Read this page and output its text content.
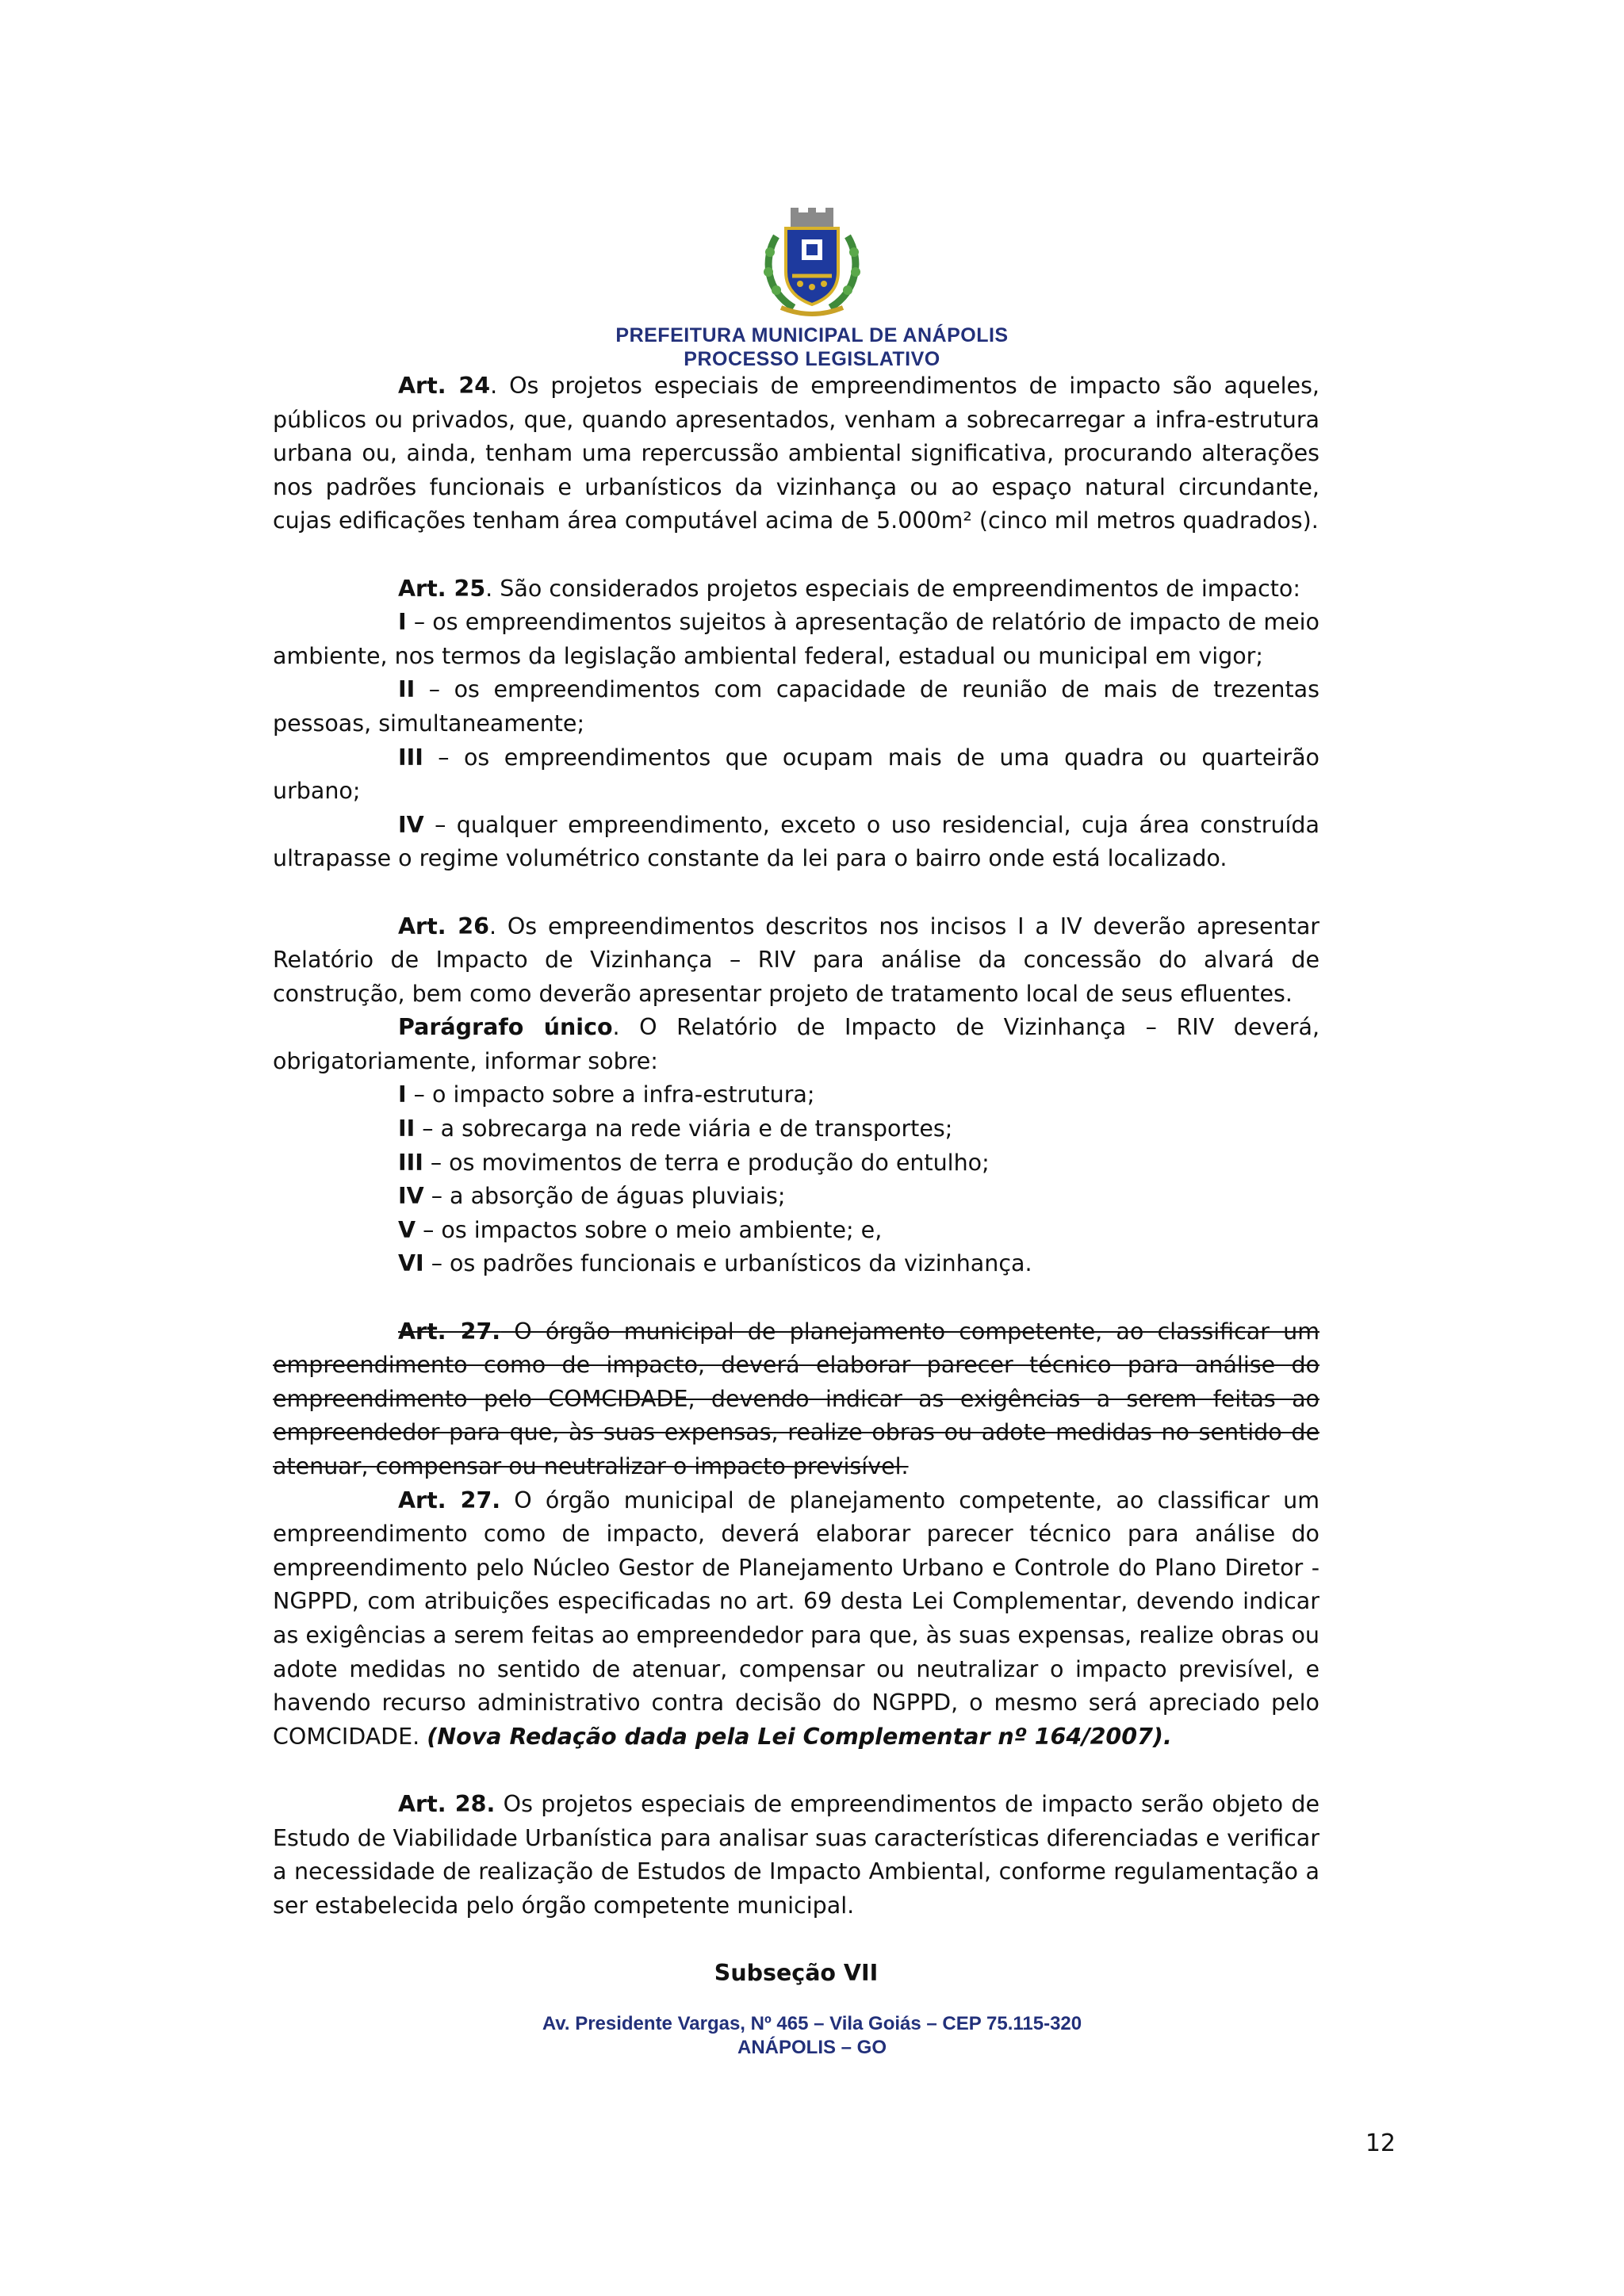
PREFEITURA MUNICIPAL DE ANÁPOLIS
PROCESSO LEGISLATIVO

Art. 24. Os projetos especiais de empreendimentos de impacto são aqueles, públicos ou privados, que, quando apresentados, venham a sobrecarregar a infra-estrutura urbana ou, ainda, tenham uma repercussão ambiental significativa, procurando alterações nos padrões funcionais e urbanísticos da vizinhança ou ao espaço natural circundante, cujas edificações tenham área computável acima de 5.000m² (cinco mil metros quadrados).

Art. 25. São considerados projetos especiais de empreendimentos de impacto:

I – os empreendimentos sujeitos à apresentação de relatório de impacto de meio ambiente, nos termos da legislação ambiental federal, estadual ou municipal em vigor;

II – os empreendimentos com capacidade de reunião de mais de trezentas pessoas, simultaneamente;

III – os empreendimentos que ocupam mais de uma quadra ou quarteirão urbano;

IV – qualquer empreendimento, exceto o uso residencial, cuja área construída ultrapasse o regime volumétrico constante da lei para o bairro onde está localizado.

Art. 26. Os empreendimentos descritos nos incisos I a IV deverão apresentar Relatório de Impacto de Vizinhança – RIV para análise da concessão do alvará de construção, bem como deverão apresentar projeto de tratamento local de seus efluentes.

Parágrafo único. O Relatório de Impacto de Vizinhança – RIV deverá, obrigatoriamente, informar sobre:

I – o impacto sobre a infra-estrutura;

II – a sobrecarga na rede viária e de transportes;

III – os movimentos de terra e produção do entulho;

IV – a absorção de águas pluviais;

V – os impactos sobre o meio ambiente; e,

VI – os padrões funcionais e urbanísticos da vizinhança.

Art. 27. O órgão municipal de planejamento competente, ao classificar um empreendimento como de impacto, deverá elaborar parecer técnico para análise do empreendimento pelo COMCIDADE, devendo indicar as exigências a serem feitas ao empreendedor para que, às suas expensas, realize obras ou adote medidas no sentido de atenuar, compensar ou neutralizar o impacto previsível.

Art. 27. O órgão municipal de planejamento competente, ao classificar um empreendimento como de impacto, deverá elaborar parecer técnico para análise do empreendimento pelo Núcleo Gestor de Planejamento Urbano e Controle do Plano Diretor - NGPPD, com atribuições especificadas no art. 69 desta Lei Complementar, devendo indicar as exigências a serem feitas ao empreendedor para que, às suas expensas, realize obras ou adote medidas no sentido de atenuar, compensar ou neutralizar o impacto previsível, e havendo recurso administrativo contra decisão do NGPPD, o mesmo será apreciado pelo COMCIDADE. (Nova Redação dada pela Lei Complementar nº 164/2007).

Art. 28. Os projetos especiais de empreendimentos de impacto serão objeto de Estudo de Viabilidade Urbanística para analisar suas características diferenciadas e verificar a necessidade de realização de Estudos de Impacto Ambiental, conforme regulamentação a ser estabelecida pelo órgão competente municipal.

Subseção VII

Av. Presidente Vargas, Nº 465 – Vila Goiás – CEP 75.115-320
ANÁPOLIS – GO
12
